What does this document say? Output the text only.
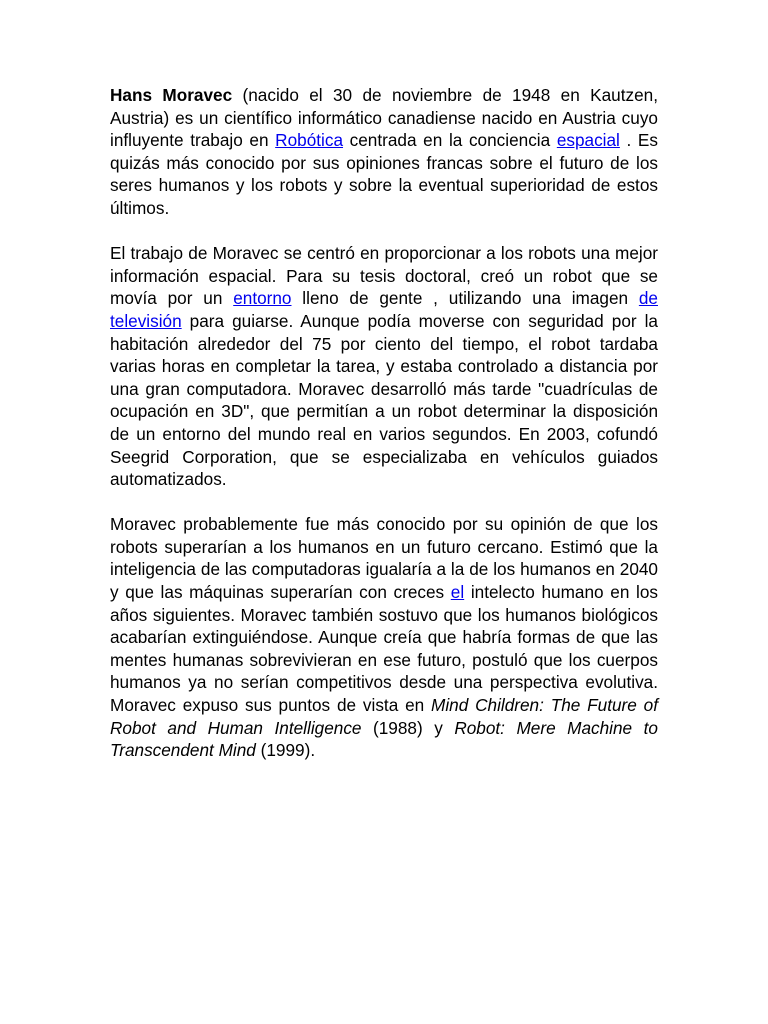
Hans Moravec (nacido el 30 de noviembre de 1948 en Kautzen, Austria) es un científico informático canadiense nacido en Austria cuyo influyente trabajo en Robótica centrada en la conciencia espacial . Es quizás más conocido por sus opiniones francas sobre el futuro de los seres humanos y los robots y sobre la eventual superioridad de estos últimos.

El trabajo de Moravec se centró en proporcionar a los robots una mejor información espacial. Para su tesis doctoral, creó un robot que se movía por un entorno lleno de gente , utilizando una imagen de televisión para guiarse. Aunque podía moverse con seguridad por la habitación alrededor del 75 por ciento del tiempo, el robot tardaba varias horas en completar la tarea, y estaba controlado a distancia por una gran computadora. Moravec desarrolló más tarde "cuadrículas de ocupación en 3D", que permitían a un robot determinar la disposición de un entorno del mundo real en varios segundos. En 2003, cofundó Seegrid Corporation, que se especializaba en vehículos guiados automatizados.

Moravec probablemente fue más conocido por su opinión de que los robots superarían a los humanos en un futuro cercano. Estimó que la inteligencia de las computadoras igualaría a la de los humanos en 2040 y que las máquinas superarían con creces el intelecto humano en los años siguientes. Moravec también sostuvo que los humanos biológicos acabarían extinguiéndose. Aunque creía que habría formas de que las mentes humanas sobrevivieran en ese futuro, postuló que los cuerpos humanos ya no serían competitivos desde una perspectiva evolutiva. Moravec expuso sus puntos de vista en Mind Children: The Future of Robot and Human Intelligence (1988) y Robot: Mere Machine to Transcendent Mind (1999).
